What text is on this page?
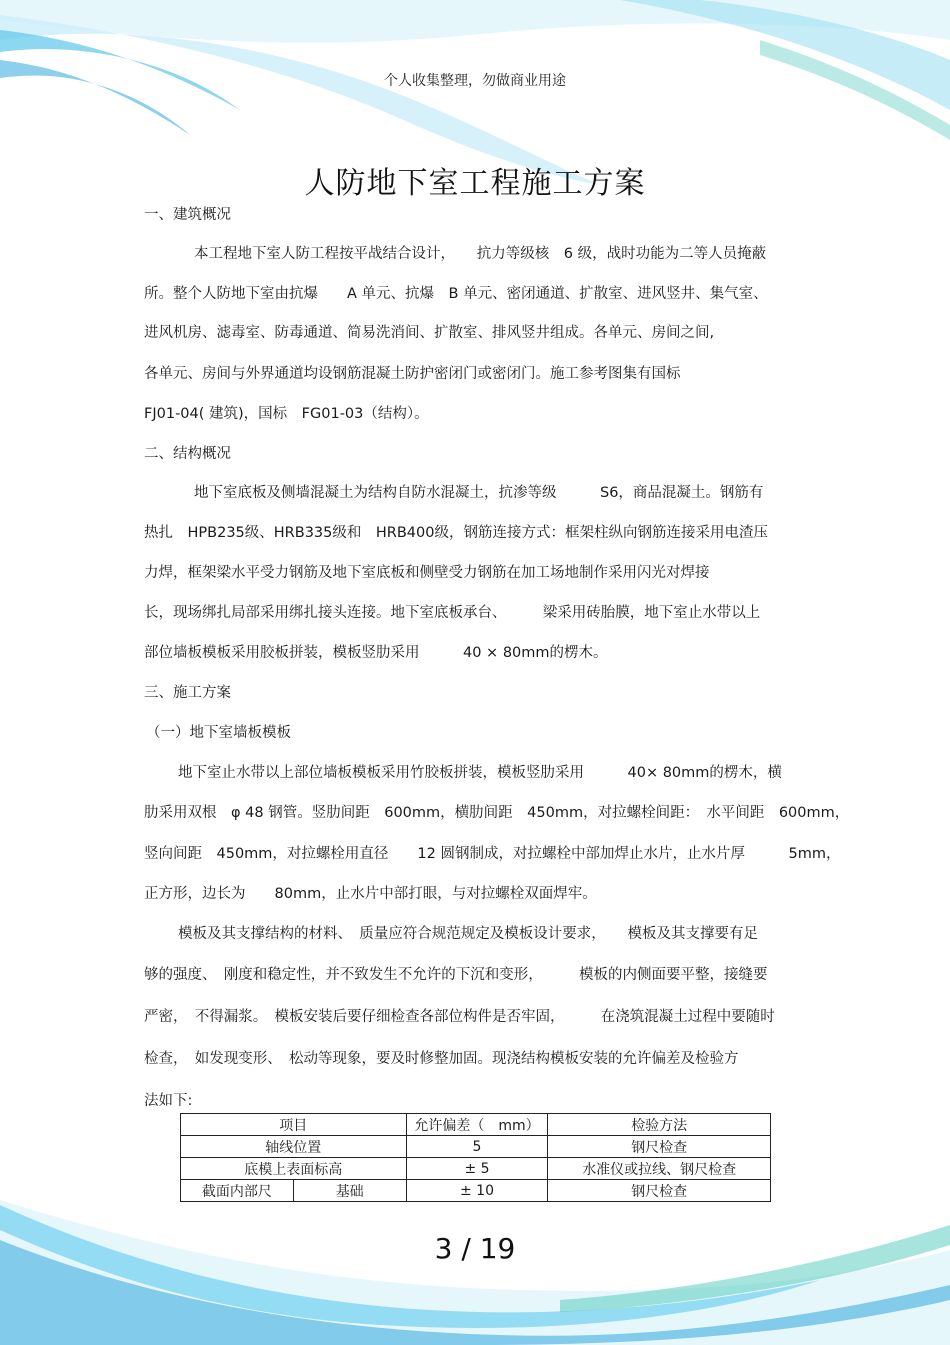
个人收集整理，勿做商业用途
人防地下室工程施工方案
一、建筑概况
本工程地下室人防工程按平战结合设计，　　抗力等级核　6 级，战时功能为二等人员掩蔽
所。整个人防地下室由抗爆　　A 单元、抗爆　B 单元、密闭通道、扩散室、进风竖井、集气室、
进风机房、滤毒室、防毒通道、简易洗消间、扩散室、排风竖井组成。各单元、房间之间,
各单元、房间与外界通道均设钢筋混凝土防护密闭门或密闭门。施工参考图集有国标
FJ01-04( 建筑)，国标　FG01-03（结构）。
二、结构概况
地下室底板及侧墙混凝土为结构自防水混凝土，抗渗等级　　　S6，商品混凝土。钢筋有
热扎　HPB235级、HRB335级和　HRB400级，钢筋连接方式：框架柱纵向钢筋连接采用电渣压
力焊，框架梁水平受力钢筋及地下室底板和侧壁受力钢筋在加工场地制作采用闪光对焊接
长，现场绑扎局部采用绑扎接头连接。地下室底板承台、　　　梁采用砖胎膜，地下室止水带以上
部位墙板模板采用胶板拼装，模板竖肋采用　　　40 × 80mm的楞木。
三、施工方案
（一）地下室墙板模板
地下室止水带以上部位墙板模板采用竹胶板拼装，模板竖肋采用　　　40× 80mm的楞木，横
肋采用双根　φ 48 钢管。竖肋间距　600mm，横肋间距　450mm，对拉螺栓间距：　水平间距　600mm，
竖向间距　450mm，对拉螺栓用直径　　12 圆钢制成，对拉螺栓中部加焊止水片，止水片厚　　　5mm，
正方形，边长为　　80mm，止水片中部打眼，与对拉螺栓双面焊牢。
模板及其支撑结构的材料、　质量应符合规范规定及模板设计要求，　　模板及其支撑要有足
够的强度、　刚度和稳定性，并不致发生不允许的下沉和变形，　　　模板的内侧面要平整，接缝要
严密，　不得漏浆。　模板安装后要仔细检查各部位构件是否牢固，　　　在浇筑混凝土过程中要随时
检查，　如发现变形、　松动等现象，要及时修整加固。现浇结构模板安装的允许偏差及检验方
法如下:
项目		允许偏差（　mm）	检验方法
轴线位置		5	钢尺检查
底模上表面标高		± 5	水准仪或拉线、钢尺检查
截面内部尺	基础	± 10	钢尺检查
3 / 19
